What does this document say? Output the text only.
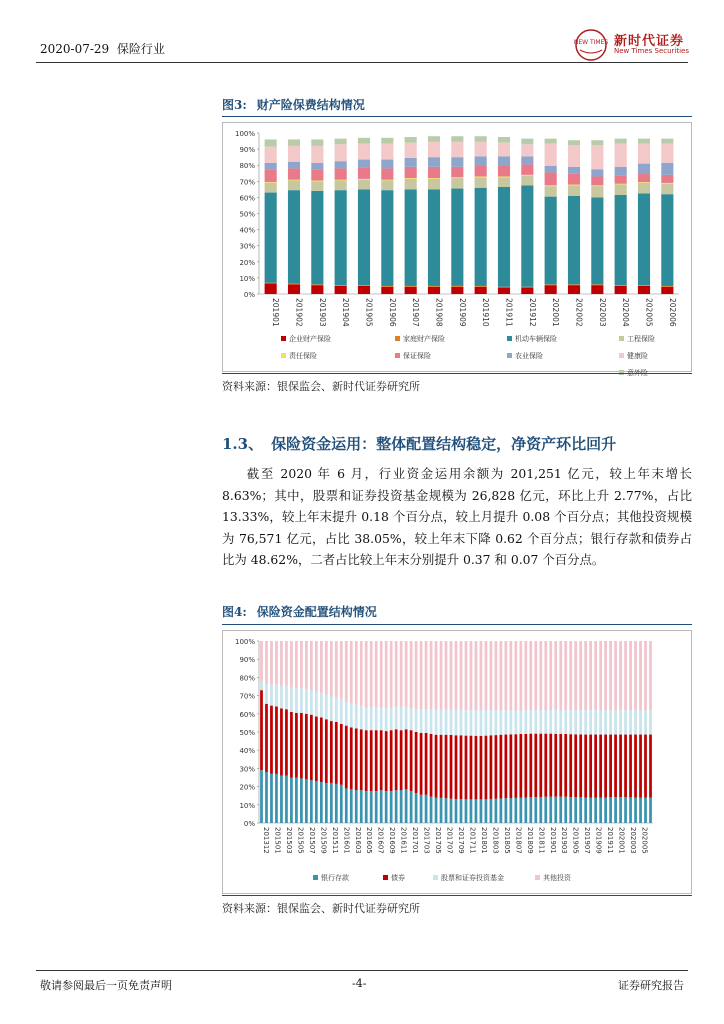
2020-07-29 保险行业	NEW TIMES 新时代证券
New Times Securities
图3: 财产险保费结构情况
0%
10%
20%
30%
40%
50%
60%
70%
80%
90%
100%
201901 201902 201903 201904 201905 201906 201907 201908 201909 201910 201911 201912 202001 202002 202003 202004 202005 202006
企业财产保险	家庭财产保险	机动车辆保险	工程保险
责任保险	保证保险	农业保险	健康险
意外险
资料来源：银保监会、新时代证券研究所
1.3、 保险资金运用：整体配置结构稳定，净资产环比回升

截至 2020 年 6 月，行业资金运用余额为 201,251 亿元，较上年末增长 8.63%；其中，股票和证券投资基金规模为 26,828 亿元，环比上升 2.77%，占比 13.33%，较上年末提升 0.18 个百分点，较上月提升 0.08 个百分点；其他投资规模为 76,571 亿元，占比 38.05%，较上年末下降 0.62 个百分点；银行存款和债券占比为 48.62%，二者占比较上年末分别提升 0.37 和 0.07 个百分点。

图4: 保险资金配置结构情况
0%
10%
20%
30%
40%
50%
60%
70%
80%
90%
100%
201312 201501 201503 201505 201507 201509 201511 201601 201603 201605 201607 201609 201611 201701 201703 201705 201707 201709 201711 201801 201803 201805 201807 201809 201811 201901 201903 201905 201907 201909 201911 202001 202003 202005
银行存款	债券	股票和证券投资基金	其他投资
资料来源：银保监会、新时代证券研究所
敬请参阅最后一页免责声明	-4-	证券研究报告
